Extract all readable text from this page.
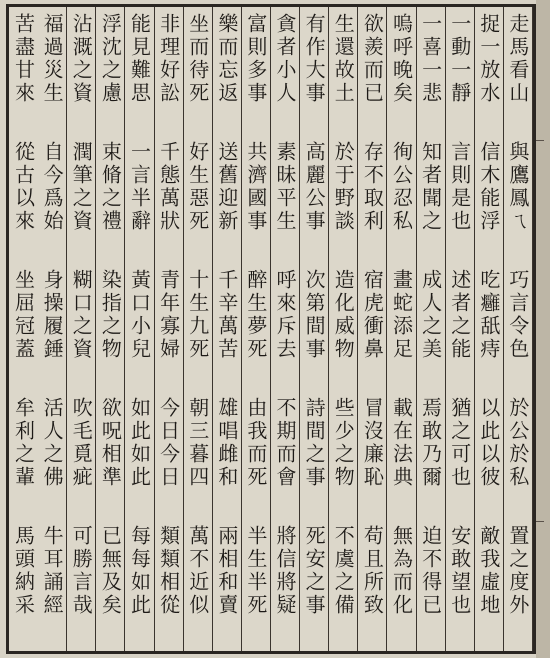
走馬看山
與鷹鳳ㄟ
巧言令色
於公於私
置之度外
捉一放水
信木能浮
吃癰舐痔
以此以彼
敵我虛地
一動一靜
言則是也
述者之能
猶之可也
安敢望也
一喜一悲
知者聞之
成人之美
焉敢乃爾
迫不得已
嗚呼晚矣
徇公忍私
畫蛇添足
載在法典
無為而化
欲羨而已
存不取利
宿虎衝鼻
冒沒廉恥
苟且所致
生還故土
於于野談
造化威物
些少之物
不虞之備
有作大事
高麗公事
次第間事
詩間之事
死安之事
貪者小人
素昧平生
呼來斥去
不期而會
將信將疑
富則多事
共濟國事
醉生夢死
由我而死
半生半死
樂而忘返
送舊迎新
千辛萬苦
雄唱雌和
兩相和賣
坐而待死
好生惡死
十生九死
朝三暮四
萬不近似
非理好訟
千態萬狀
青年寡婦
今日今日
類類相從
能見難思
一言半辭
黃口小兒
如此如此
每每如此
浮沈之慮
束脩之禮
染指之物
欲呪相準
已無及矣
沾溉之資
潤筆之資
糊口之資
吹毛覓疵
可勝言哉
福過災生
自今爲始
身操履錘
活人之佛
牛耳誦經
苦盡甘來
從古以來
坐屈冠蓋
牟利之輩
馬頭納采
